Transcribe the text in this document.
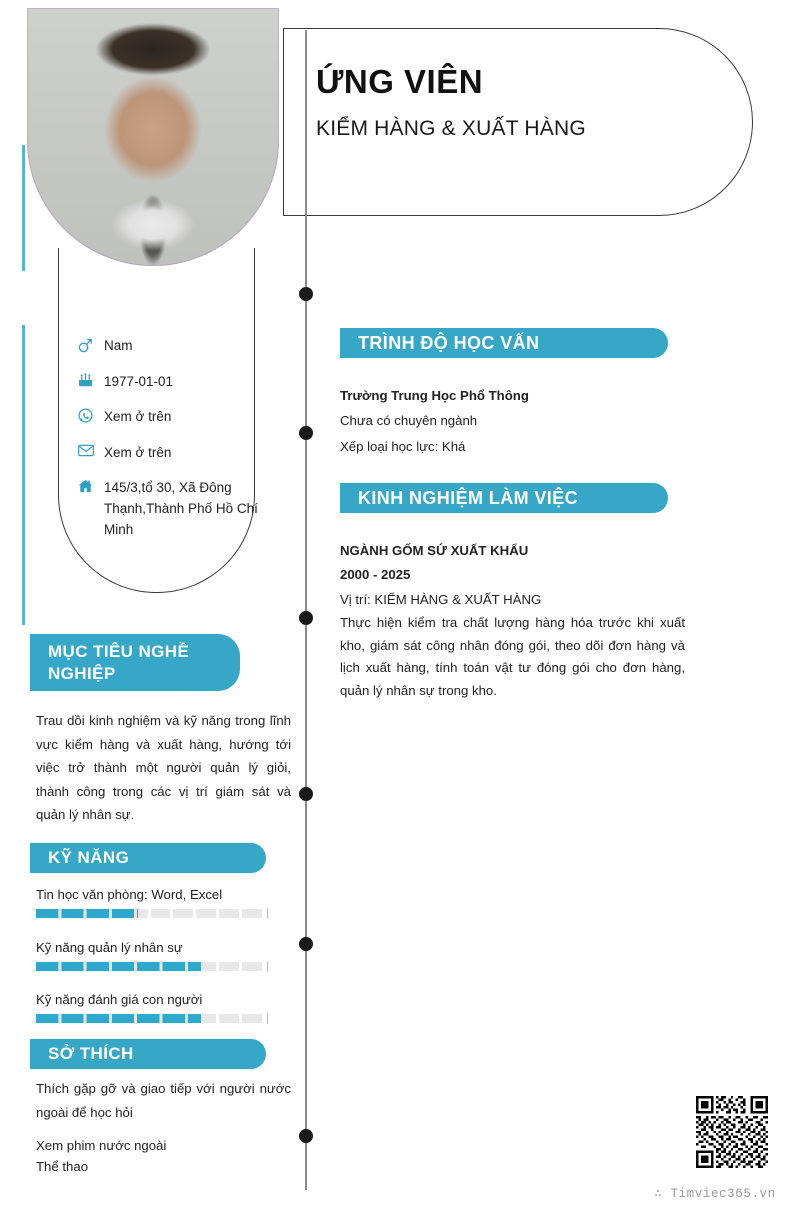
ỨNG VIÊN
KIỂM HÀNG & XUẤT HÀNG
Nam
1977-01-01
Xem ở trên
Xem ở trên
145/3,tổ 30, Xã Đông Thạnh,Thành Phố Hồ Chí Minh
MỤC TIÊU NGHỀ NGHIỆP
Trau dồi kinh nghiệm và kỹ năng trong lĩnh vực kiểm hàng và xuất hàng, hướng tới việc trở thành một người quản lý giỏi, thành công trong các vị trí giám sát và quản lý nhân sự.
KỸ NĂNG
Tin học văn phòng: Word, Excel
Kỹ năng quản lý nhân sự
Kỹ năng đánh giá con người
SỞ THÍCH
Thích gặp gỡ và giao tiếp với người nước ngoài để học hỏi
Xem phim nước ngoài
Thể thao
TRÌNH ĐỘ HỌC VẤN
Trường Trung Học Phổ Thông
Chưa có chuyên ngành
Xếp loại học lực: Khá
KINH NGHIỆM LÀM VIỆC
NGÀNH GỐM SỨ XUẤT KHẨU
2000 - 2025
Vị trí: KIỂM HÀNG & XUẤT HÀNG
Thực hiện kiểm tra chất lượng hàng hóa trước khi xuất kho, giám sát công nhân đóng gói, theo dõi đơn hàng và lịch xuất hàng, tính toán vật tư đóng gói cho đơn hàng, quản lý nhân sự trong kho.
∴ Timviec365.vn
